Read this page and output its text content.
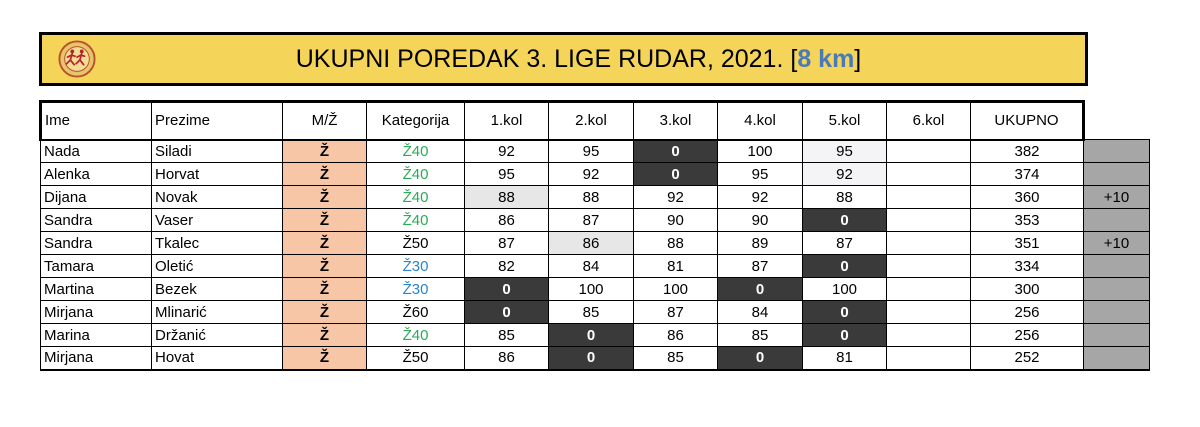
UKUPNI POREDAK 3. LIGE RUDAR, 2021. [8 km]
Ime	Prezime	M/Ž	Kategorija	1.kol	2.kol	3.kol	4.kol	5.kol	6.kol	UKUPNO	
Nada	Siladi	Ž	Ž40	92	95	0	100	95		382	
Alenka	Horvat	Ž	Ž40	95	92	0	95	92		374	
Dijana	Novak	Ž	Ž40	88	88	92	92	88		360	+10
Sandra	Vaser	Ž	Ž40	86	87	90	90	0		353	
Sandra	Tkalec	Ž	Ž50	87	86	88	89	87		351	+10
Tamara	Oletić	Ž	Ž30	82	84	81	87	0		334	
Martina	Bezek	Ž	Ž30	0	100	100	0	100		300	
Mirjana	Mlinarić	Ž	Ž60	0	85	87	84	0		256	
Marina	Držanić	Ž	Ž40	85	0	86	85	0		256	
Mirjana	Hovat	Ž	Ž50	86	0	85	0	81		252	
